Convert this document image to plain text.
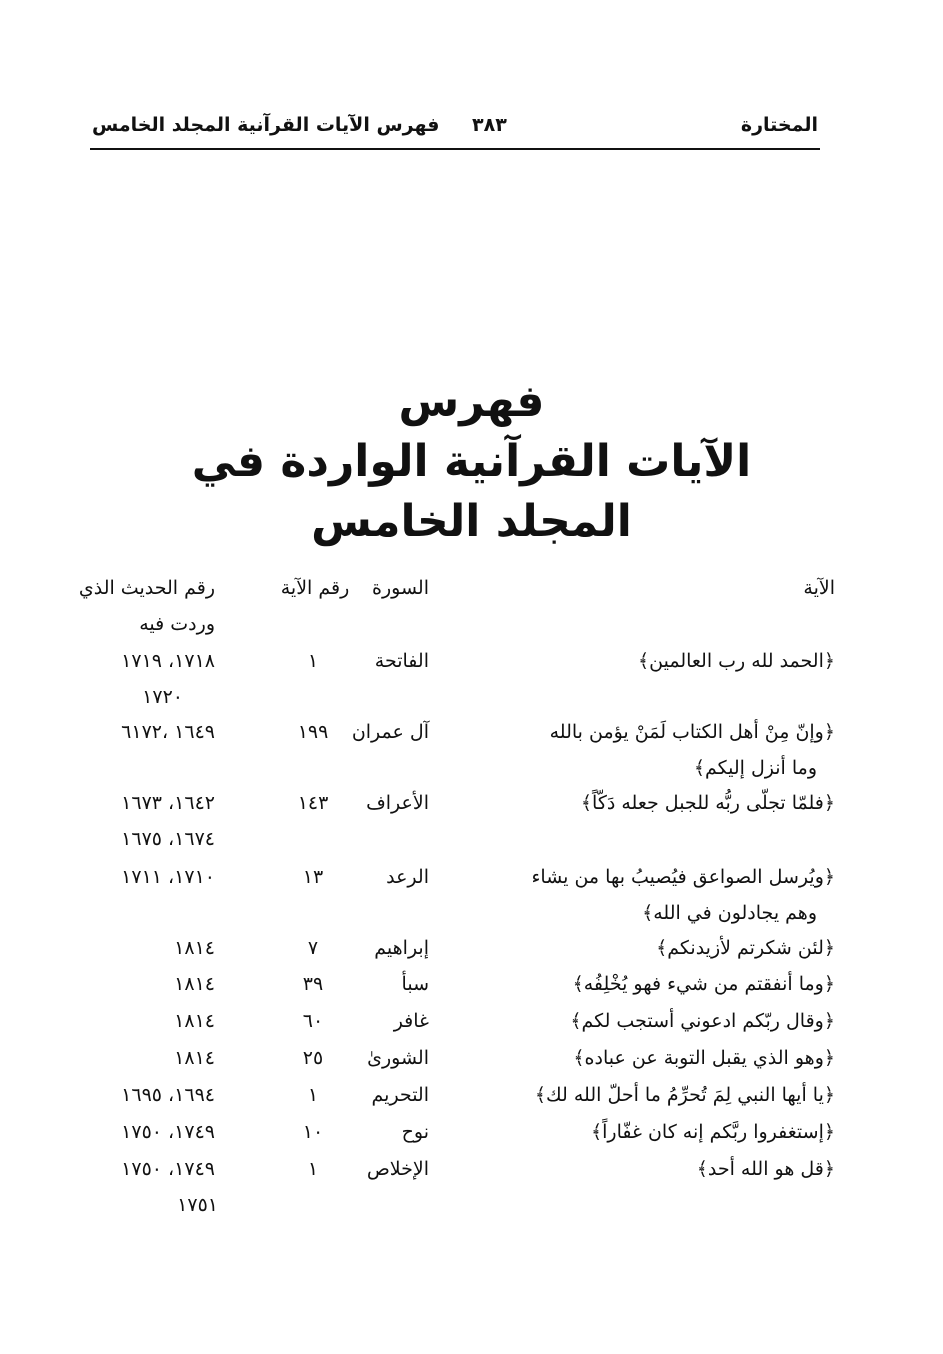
المختارة
٣٨٣
فهرس الآيات القرآنية المجلد الخامس
فهرس
الآيات القرآنية الواردة في
المجلد الخامس
الآية
السورة
رقم الآية
رقم الحديث الذي
وردت فيه
﴿الحمد لله رب العالمين﴾
الفاتحة
١
١٧١٨، ١٧١٩
١٧٢٠
﴿وإنّ مِنْ أهل الكتاب لَمَنْ يؤمن بالله
وما أنزل إليكم﴾
آل عمران
١٩٩
١٦٤٩ ،٦١٧٢
﴿فلمّا تجلّى ربُّه للجبل جعله دَكّاً﴾
الأعراف
١٤٣
١٦٤٢، ١٦٧٣
١٦٧٤، ١٦٧٥
﴿ويُرسل الصواعق فيُصيبُ بها من يشاء
وهم يجادلون في الله﴾
الرعد
١٣
١٧١٠، ١٧١١
﴿لئن شكرتم لأزيدنكم﴾
إبراهيم
٧
١٨١٤
﴿وما أنفقتم من شيء فهو يُخْلِفُه﴾
سبأ
٣٩
١٨١٤
﴿وقال ربّكم ادعوني أستجب لكم﴾
غافر
٦٠
١٨١٤
﴿وهو الذي يقبل التوبة عن عباده﴾
الشورىٰ
٢٥
١٨١٤
﴿يا أيها النبي لِمَ تُحرِّمُ ما أحلّ الله لك﴾
التحريم
١
١٦٩٤، ١٦٩٥
﴿إستغفروا ربَّكم إنه كان غفّاراً﴾
نوح
١٠
١٧٤٩، ١٧٥٠
﴿قل هو الله أحد﴾
الإخلاص
١
١٧٤٩، ١٧٥٠
١٧٥١
